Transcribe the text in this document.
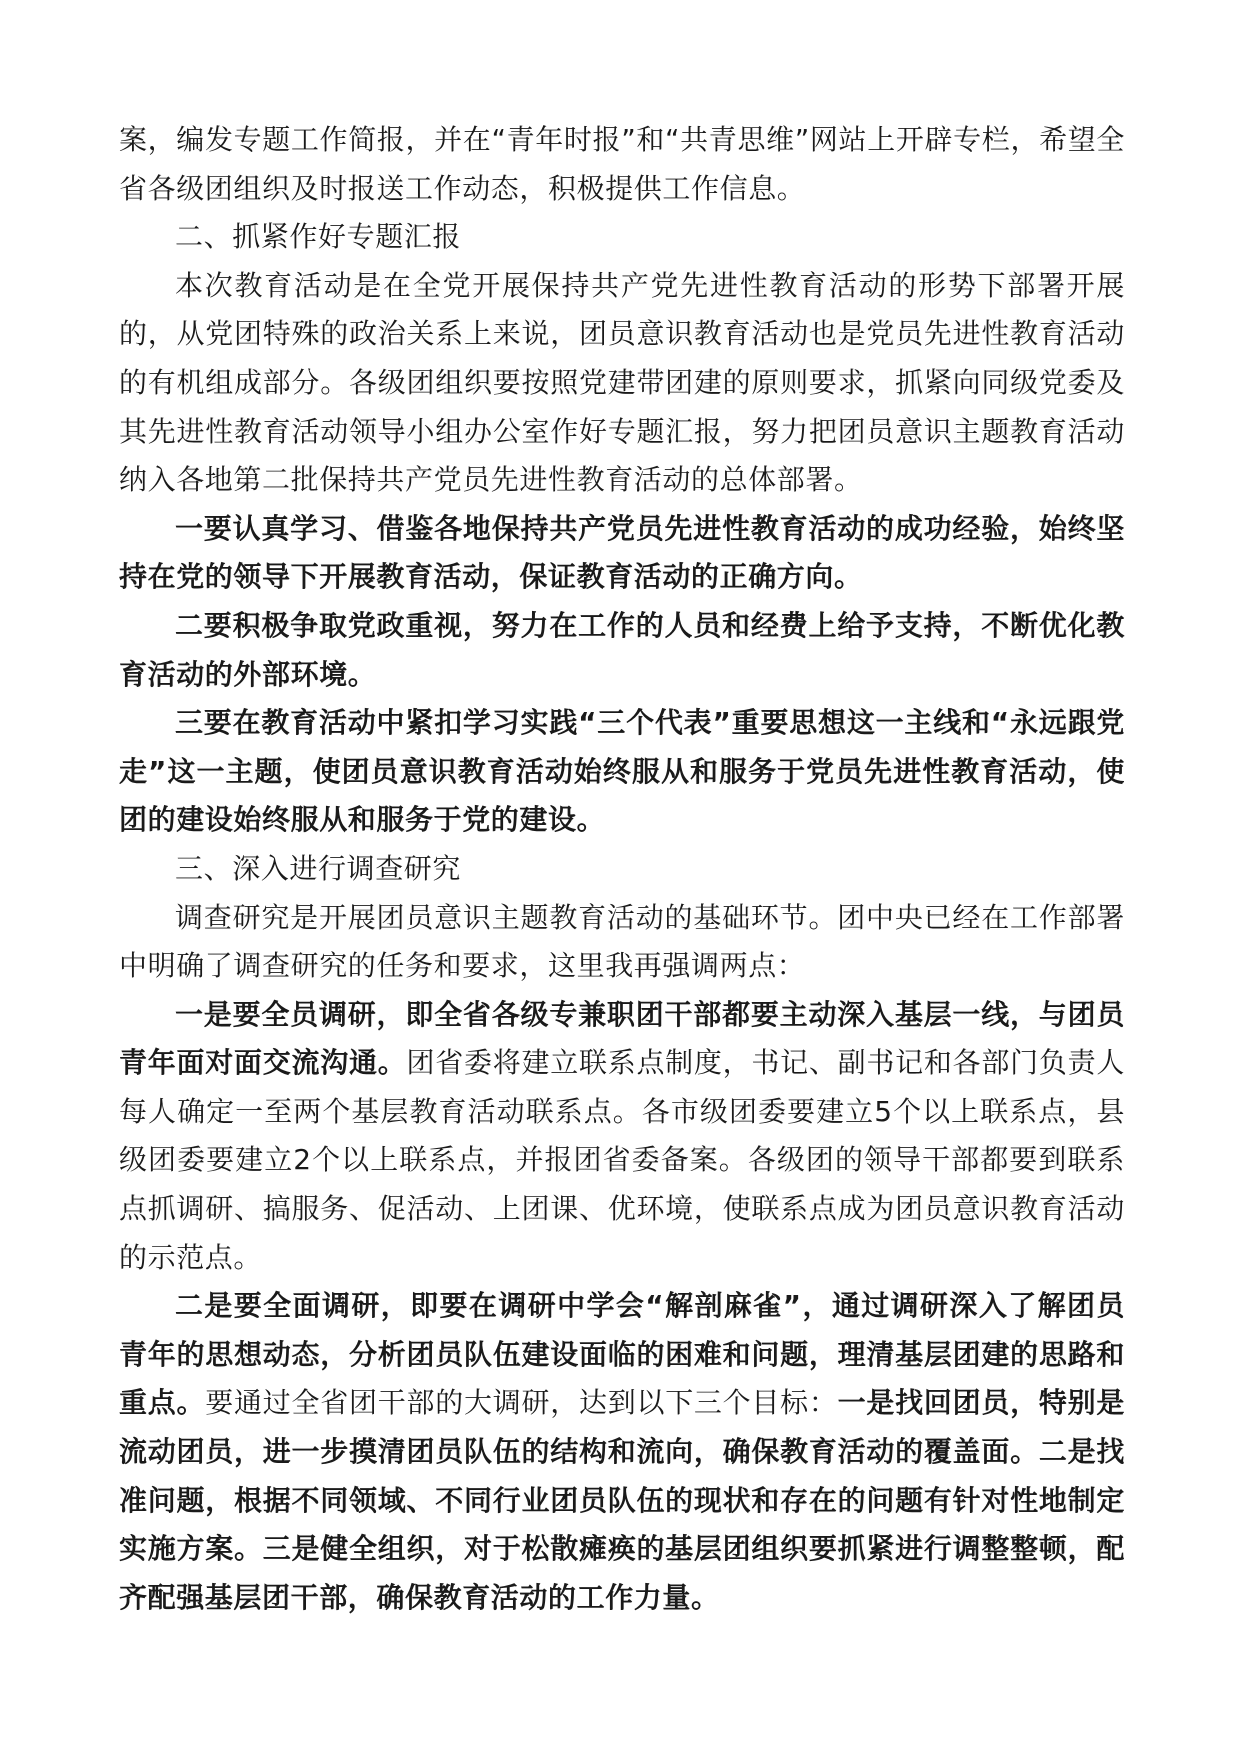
案，编发专题工作简报，并在“青年时报”和“共青思维”网站上开辟专栏，希望全省各级团组织及时报送工作动态，积极提供工作信息。

二、抓紧作好专题汇报

本次教育活动是在全党开展保持共产党先进性教育活动的形势下部署开展的，从党团特殊的政治关系上来说，团员意识教育活动也是党员先进性教育活动的有机组成部分。各级团组织要按照党建带团建的原则要求，抓紧向同级党委及其先进性教育活动领导小组办公室作好专题汇报，努力把团员意识主题教育活动纳入各地第二批保持共产党员先进性教育活动的总体部署。

一要认真学习、借鉴各地保持共产党员先进性教育活动的成功经验，始终坚持在党的领导下开展教育活动，保证教育活动的正确方向。

二要积极争取党政重视，努力在工作的人员和经费上给予支持，不断优化教育活动的外部环境。

三要在教育活动中紧扣学习实践“三个代表”重要思想这一主线和“永远跟党走”这一主题，使团员意识教育活动始终服从和服务于党员先进性教育活动，使团的建设始终服从和服务于党的建设。

三、深入进行调查研究

调查研究是开展团员意识主题教育活动的基础环节。团中央已经在工作部署中明确了调查研究的任务和要求，这里我再强调两点：

一是要全员调研，即全省各级专兼职团干部都要主动深入基层一线，与团员青年面对面交流沟通。团省委将建立联系点制度，书记、副书记和各部门负责人每人确定一至两个基层教育活动联系点。各市级团委要建立5个以上联系点，县级团委要建立2个以上联系点，并报团省委备案。各级团的领导干部都要到联系点抓调研、搞服务、促活动、上团课、优环境，使联系点成为团员意识教育活动的示范点。

二是要全面调研，即要在调研中学会“解剖麻雀”，通过调研深入了解团员青年的思想动态，分析团员队伍建设面临的困难和问题，理清基层团建的思路和重点。要通过全省团干部的大调研，达到以下三个目标：一是找回团员，特别是流动团员，进一步摸清团员队伍的结构和流向，确保教育活动的覆盖面。二是找准问题，根据不同领域、不同行业团员队伍的现状和存在的问题有针对性地制定实施方案。三是健全组织，对于松散瘫痪的基层团组织要抓紧进行调整整顿，配齐配强基层团干部，确保教育活动的工作力量。
